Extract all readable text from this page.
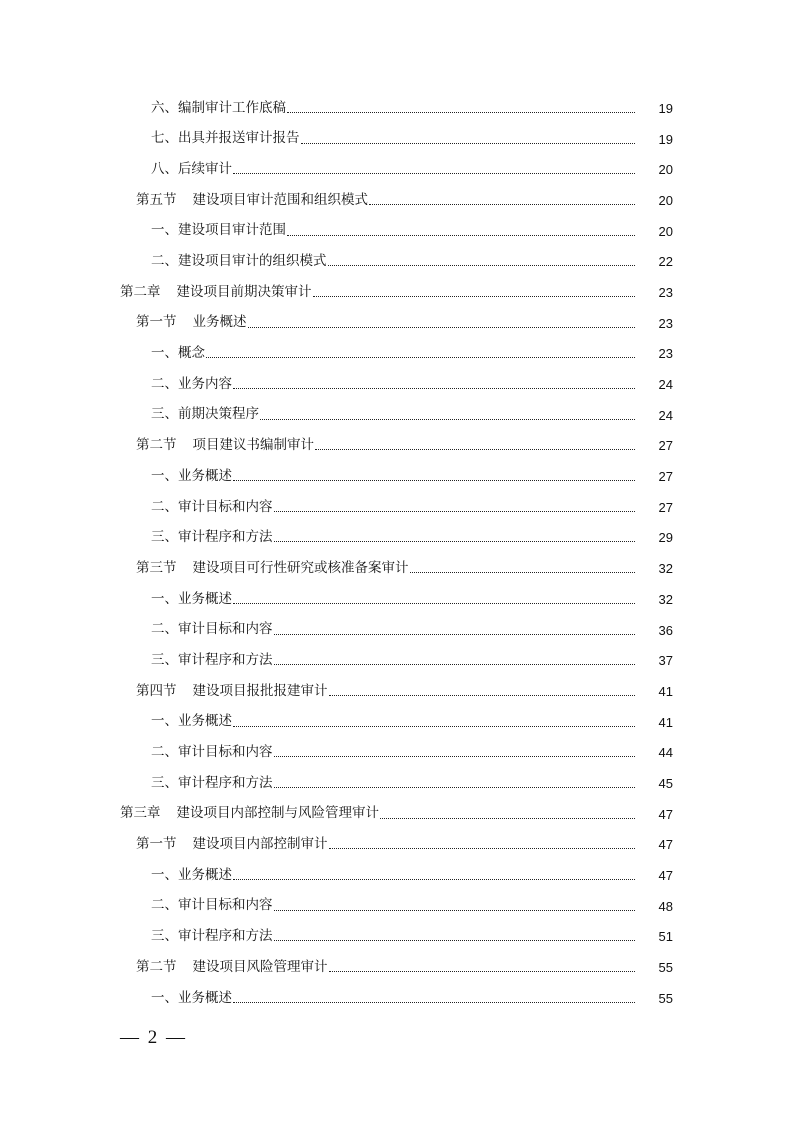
六、 编制审计工作底稿	19
七、 出具并报送审计报告	19
八、 后续审计	20
第五节 建设项目审计范围和组织模式	20
一、 建设项目审计范围	20
二、 建设项目审计的组织模式	22
第二章 建设项目前期决策审计	23
第一节 业务概述	23
一、 概念	23
二、 业务内容	24
三、 前期决策程序	24
第二节 项目建议书编制审计	27
一、 业务概述	27
二、 审计目标和内容	27
三、 审计程序和方法	29
第三节 建设项目可行性研究或核准备案审计	32
一、 业务概述	32
二、 审计目标和内容	36
三、 审计程序和方法	37
第四节 建设项目报批报建审计	41
一、 业务概述	41
二、 审计目标和内容	44
三、 审计程序和方法	45
第三章 建设项目内部控制与风险管理审计	47
第一节 建设项目内部控制审计	47
一、 业务概述	47
二、 审计目标和内容	48
三、 审计程序和方法	51
第二节 建设项目风险管理审计	55
一、 业务概述	55
— 2 —
